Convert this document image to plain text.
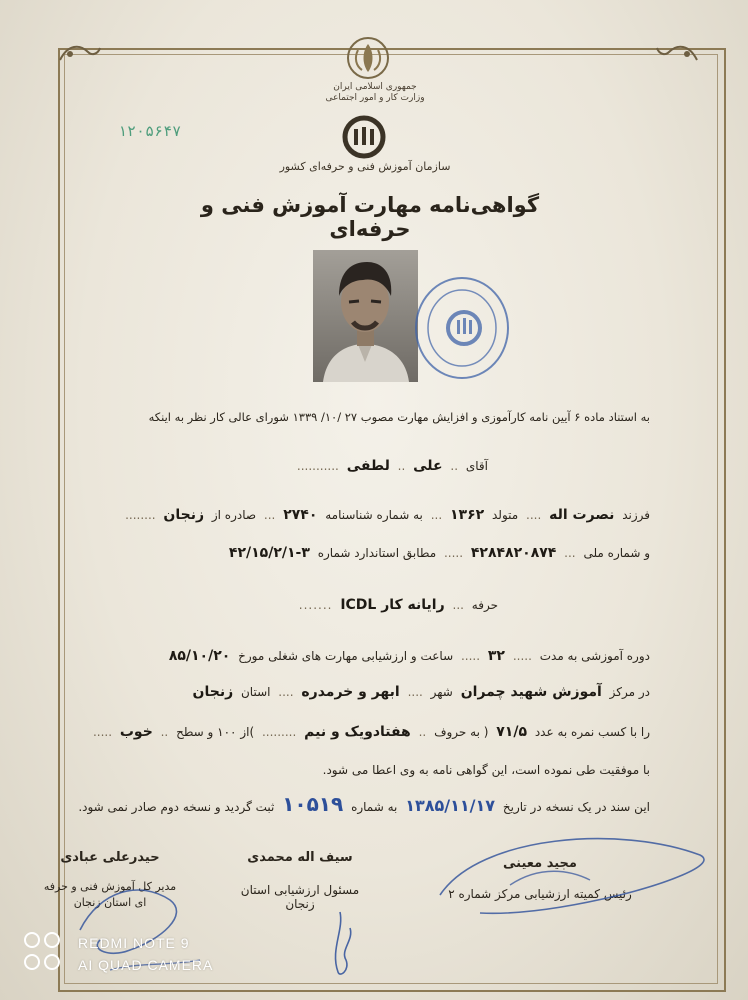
جمهوری اسلامی ایران
وزارت کار و امور اجتماعی
۱۲۰۵۶۴۷
سازمان آموزش فنی و حرفه‌ای کشور
گواهی‌نامه مهارت آموزش فنی و حرفه‌ای
به استناد ماده ۶ آیین نامه کارآموزی و افزایش مهارت مصوب ۲۷ /۱۰/ ۱۳۳۹ شورای عالی کار نظر به اینکه
آقای .. علی .. لطفی ...........
فرزند نصرت اله .... متولد ۱۳۶۲ ... به شماره شناسنامه ۲۷۴۰ ... صادره از زنجان ........
و شماره ملی ... ۴۲۸۴۸۲۰۸۷۴ ..... مطابق استاندارد شماره ۳-۴۲/۱۵/۲/۱
حرفه ... رایانه کار ICDL .......
دوره آموزشی به مدت ..... ۳۲ ..... ساعت و ارزشیابی مهارت های شغلی مورخ ۸۵/۱۰/۲۰
در مرکز آموزش شهید چمران شهر .... ابهر و خرمدره .... استان زنجان
را با کسب نمره به عدد ۷۱/۵ ( به حروف .. هفتادویک و نیم ......... )از ۱۰۰ و سطح .. خوب .....
با موفقیت طی نموده است، این گواهی نامه به وی اعطا می شود.
این سند در یک نسخه در تاریخ ۱۳۸۵/۱۱/۱۷ به شماره ۱۰۵۱۹ ثبت گردید و نسخه دوم صادر نمی شود.
مجید معینی
رئیس کمیته ارزشیابی مرکز شماره ۲
سیف اله محمدی
مسئول ارزشیابی استان زنجان
حیدرعلی عبادی
مدیر کل آموزش فنی و حرفه ای استان زنجان
REDMI NOTE 9
AI QUAD CAMERA
